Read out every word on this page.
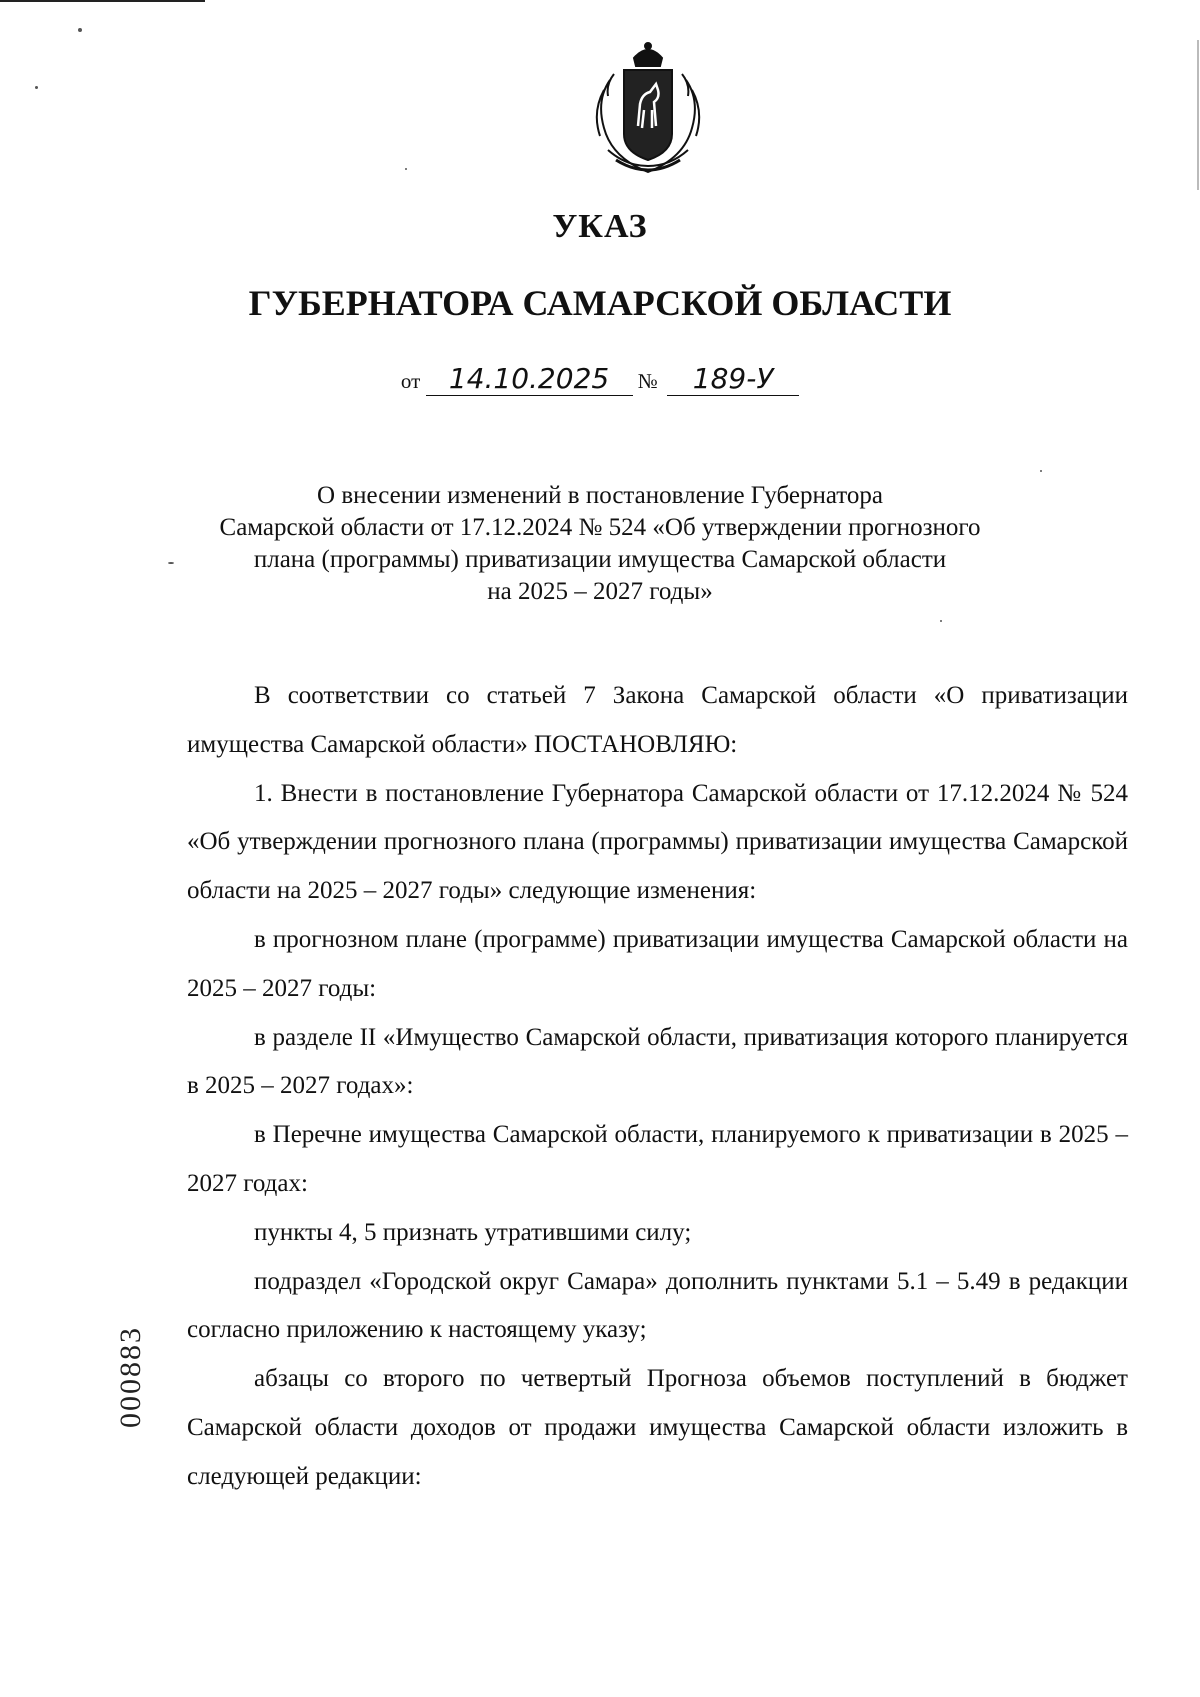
УКАЗ
ГУБЕРНАТОРА САМАРСКОЙ ОБЛАСТИ
от 14.10.2025 № 189-У
О внесении изменений в постановление Губернатора
Самарской области от 17.12.2024 № 524 «Об утверждении прогнозного
плана (программы) приватизации имущества Самарской области
на 2025 – 2027 годы»

В соответствии со статьей 7 Закона Самарской области «О приватизации имущества Самарской области» ПОСТАНОВЛЯЮ:

1. Внести в постановление Губернатора Самарской области от 17.12.2024 № 524 «Об утверждении прогнозного плана (программы) приватизации имущества Самарской области на 2025 – 2027 годы» следующие изменения:

в прогнозном плане (программе) приватизации имущества Самарской области на 2025 – 2027 годы:

в разделе II «Имущество Самарской области, приватизация которого планируется в 2025 – 2027 годах»:

в Перечне имущества Самарской области, планируемого к приватизации в 2025 – 2027 годах:

пункты 4, 5 признать утратившими силу;

подраздел «Городской округ Самара» дополнить пунктами 5.1 – 5.49 в редакции согласно приложению к настоящему указу;

абзацы со второго по четвертый Прогноза объемов поступлений в бюджет Самарской области доходов от продажи имущества Самарской области изложить в следующей редакции:

000883
